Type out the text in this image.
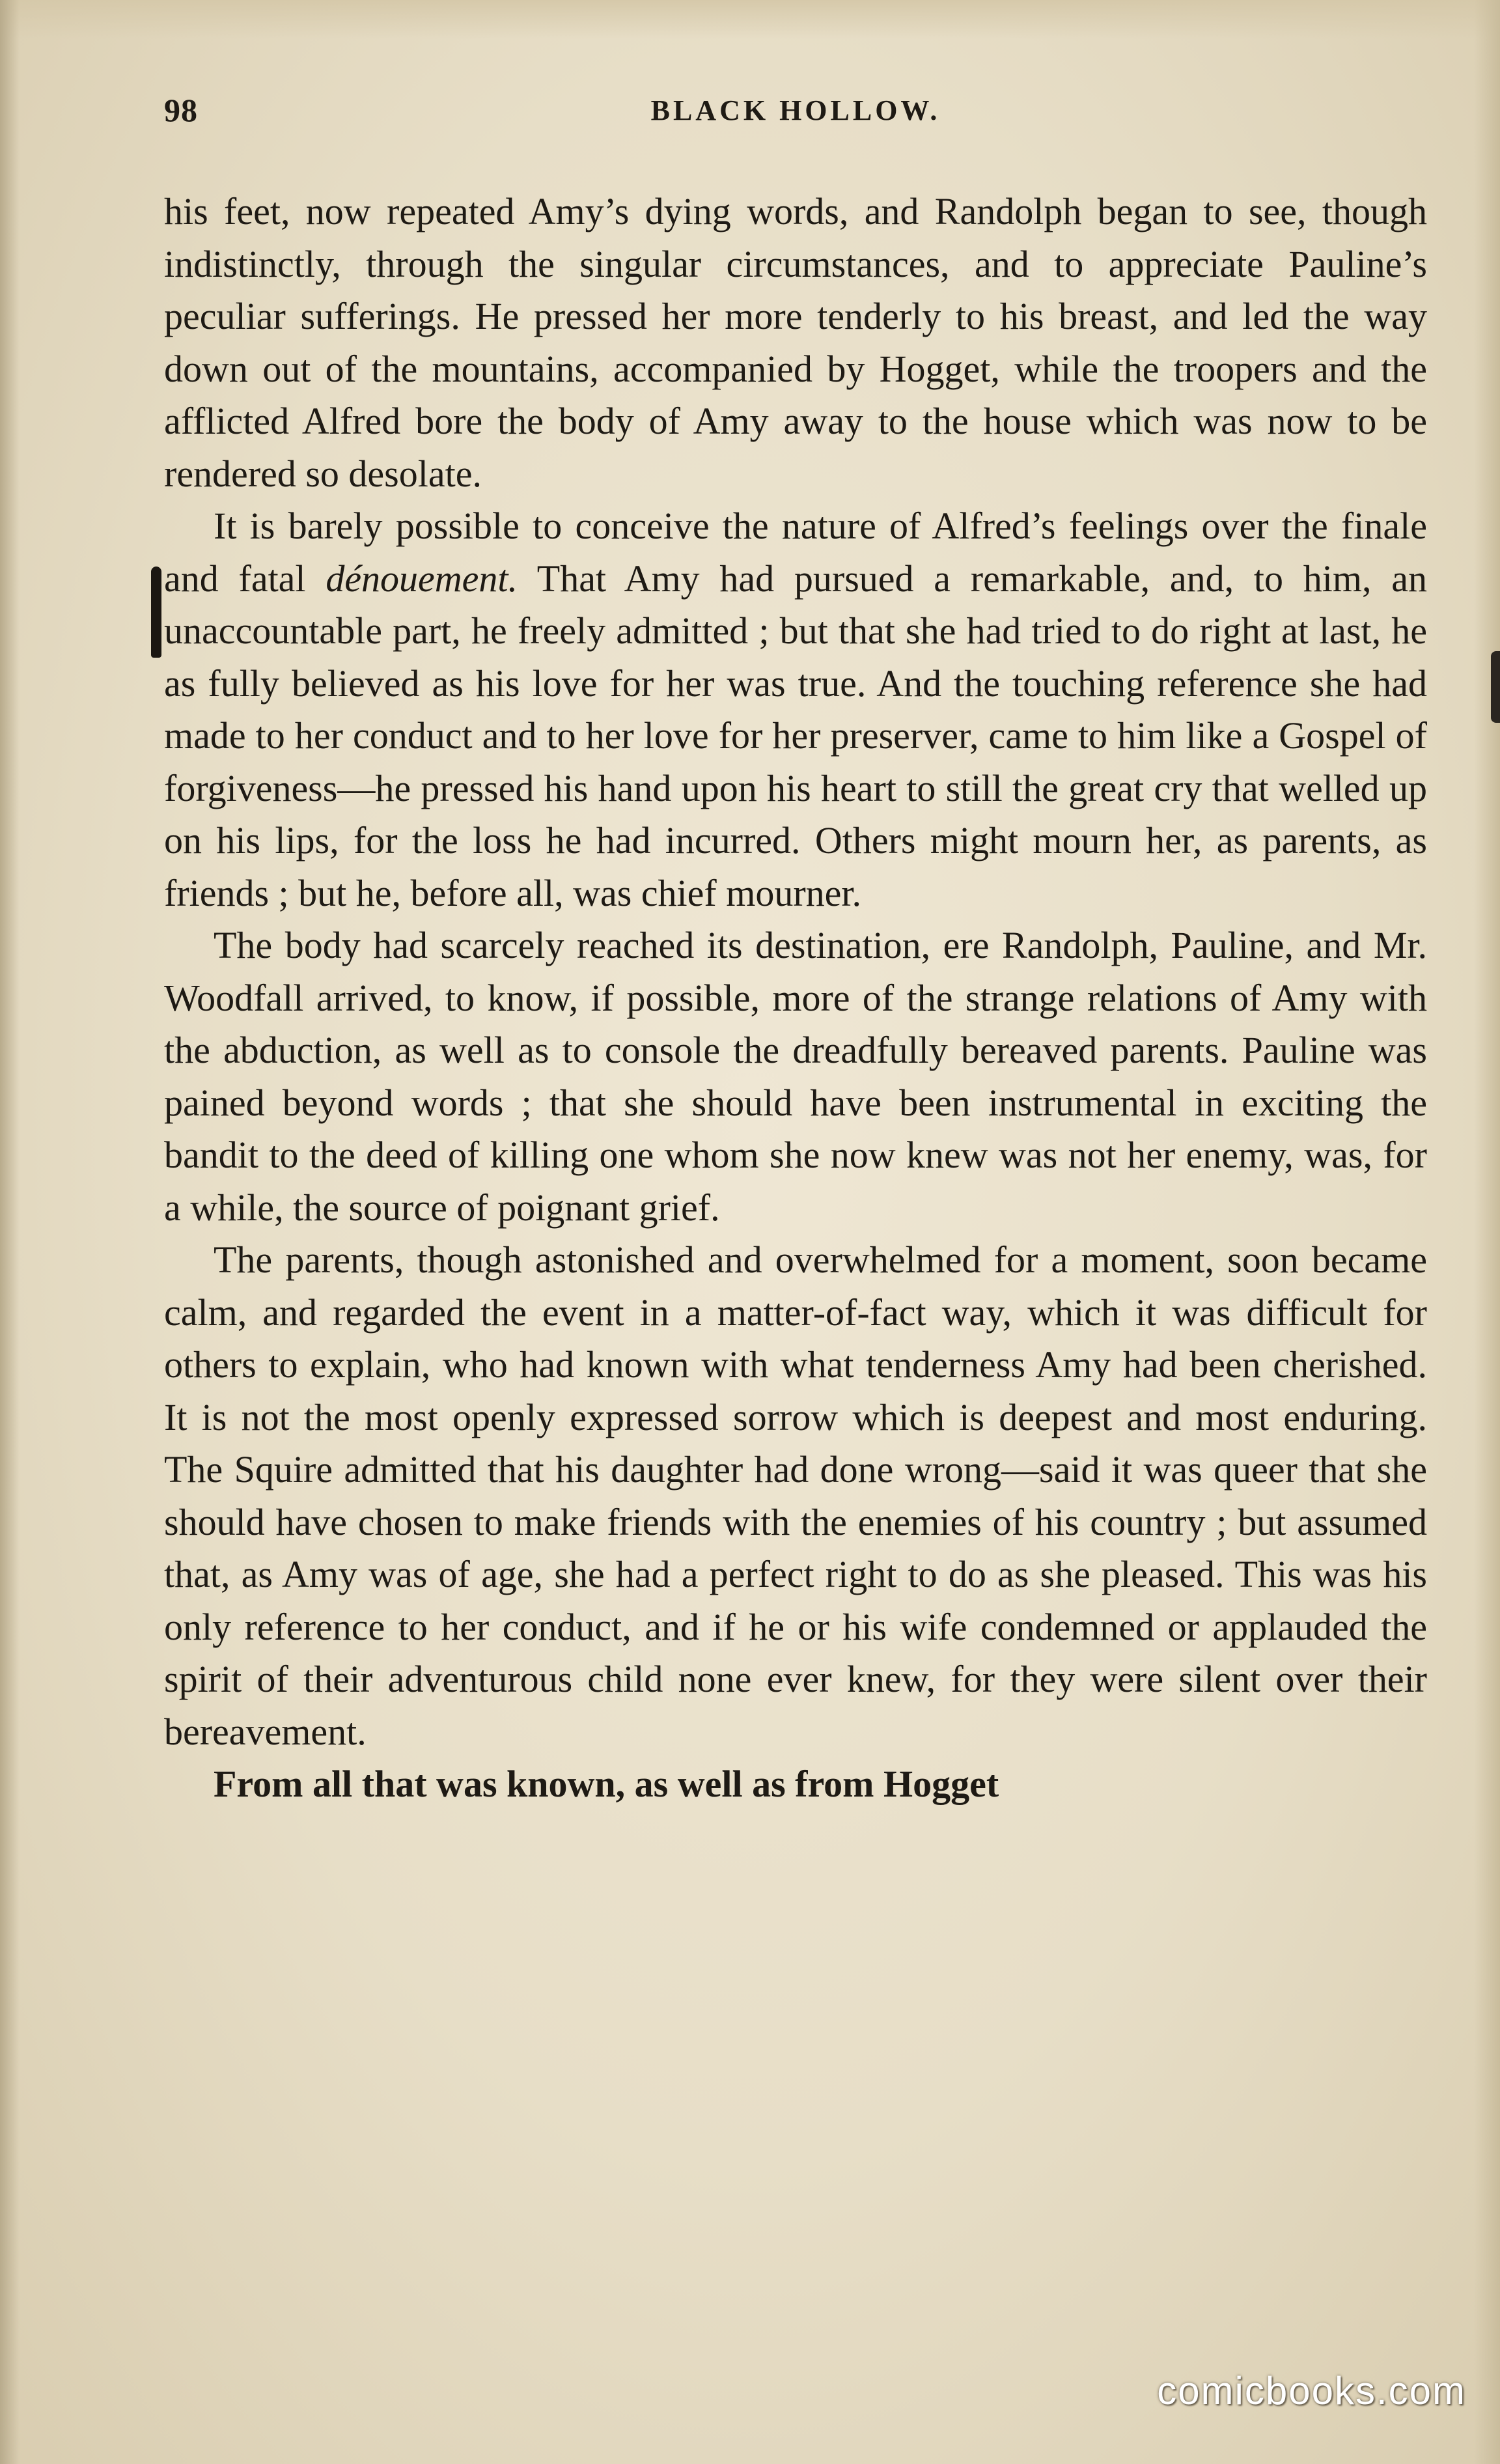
98	BLACK HOLLOW.

his feet, now repeated Amy’s dying words, and Randolph began to see, though indistinctly, through the singular circumstances, and to appreciate Pauline’s peculiar sufferings. He pressed her more tenderly to his breast, and led the way down out of the mountains, accompanied by Hogget, while the troopers and the afflicted Alfred bore the body of Amy away to the house which was now to be rendered so desolate.

It is barely possible to conceive the nature of Alfred’s feelings over the finale and fatal dénouement. That Amy had pursued a remarkable, and, to him, an unaccountable part, he freely admitted ; but that she had tried to do right at last, he as fully believed as his love for her was true. And the touching reference she had made to her conduct and to her love for her preserver, came to him like a Gospel of forgiveness—he pressed his hand upon his heart to still the great cry that welled up on his lips, for the loss he had incurred. Others might mourn her, as parents, as friends ; but he, before all, was chief mourner.

The body had scarcely reached its destination, ere Randolph, Pauline, and Mr. Woodfall arrived, to know, if possible, more of the strange relations of Amy with the abduction, as well as to console the dreadfully bereaved parents. Pauline was pained beyond words ; that she should have been instrumental in exciting the bandit to the deed of killing one whom she now knew was not her enemy, was, for a while, the source of poignant grief.

The parents, though astonished and overwhelmed for a moment, soon became calm, and regarded the event in a matter-of-fact way, which it was difficult for others to explain, who had known with what tenderness Amy had been cherished. It is not the most openly expressed sorrow which is deepest and most enduring. The Squire admitted that his daughter had done wrong—said it was queer that she should have chosen to make friends with the enemies of his country ; but assumed that, as Amy was of age, she had a perfect right to do as she pleased. This was his only reference to her conduct, and if he or his wife condemned or applauded the spirit of their adventurous child none ever knew, for they were silent over their bereavement.

From all that was known, as well as from Hogget

comicbooks.com
